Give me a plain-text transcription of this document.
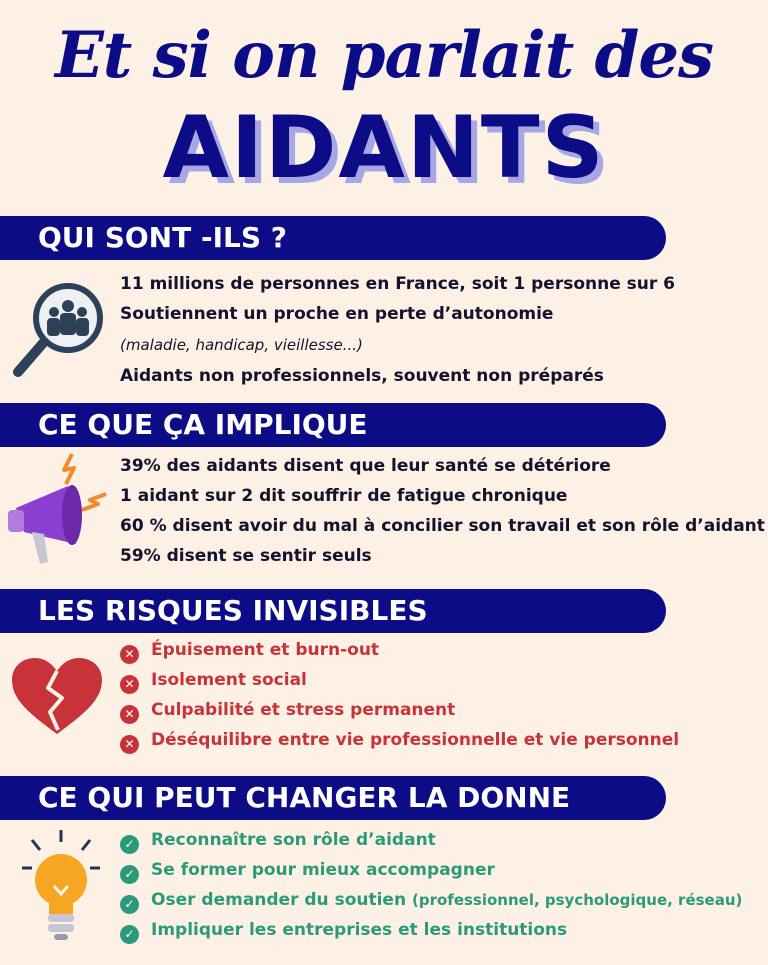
Et si on parlait des
AIDANTS
QUI SONT -ILS ?
11 millions de personnes en France, soit 1 personne sur 6
Soutiennent un proche en perte d’autonomie
(maladie, handicap, vieillesse...)
Aidants non professionnels, souvent non préparés
CE QUE ÇA IMPLIQUE
39% des aidants disent que leur santé se détériore
1 aidant sur 2 dit souffrir de fatigue chronique
60 % disent avoir du mal à concilier son travail et son rôle d’aidant
59% disent se sentir seuls
LES RISQUES INVISIBLES
✕ Épuisement et burn-out
✕ Isolement social
✕ Culpabilité et stress permanent
✕ Déséquilibre entre vie professionnelle et vie personnel
CE QUI PEUT CHANGER LA DONNE
✓ Reconnaître son rôle d’aidant
✓ Se former pour mieux accompagner
✓ Oser demander du soutien (professionnel, psychologique, réseau)
✓ Impliquer les entreprises et les institutions
